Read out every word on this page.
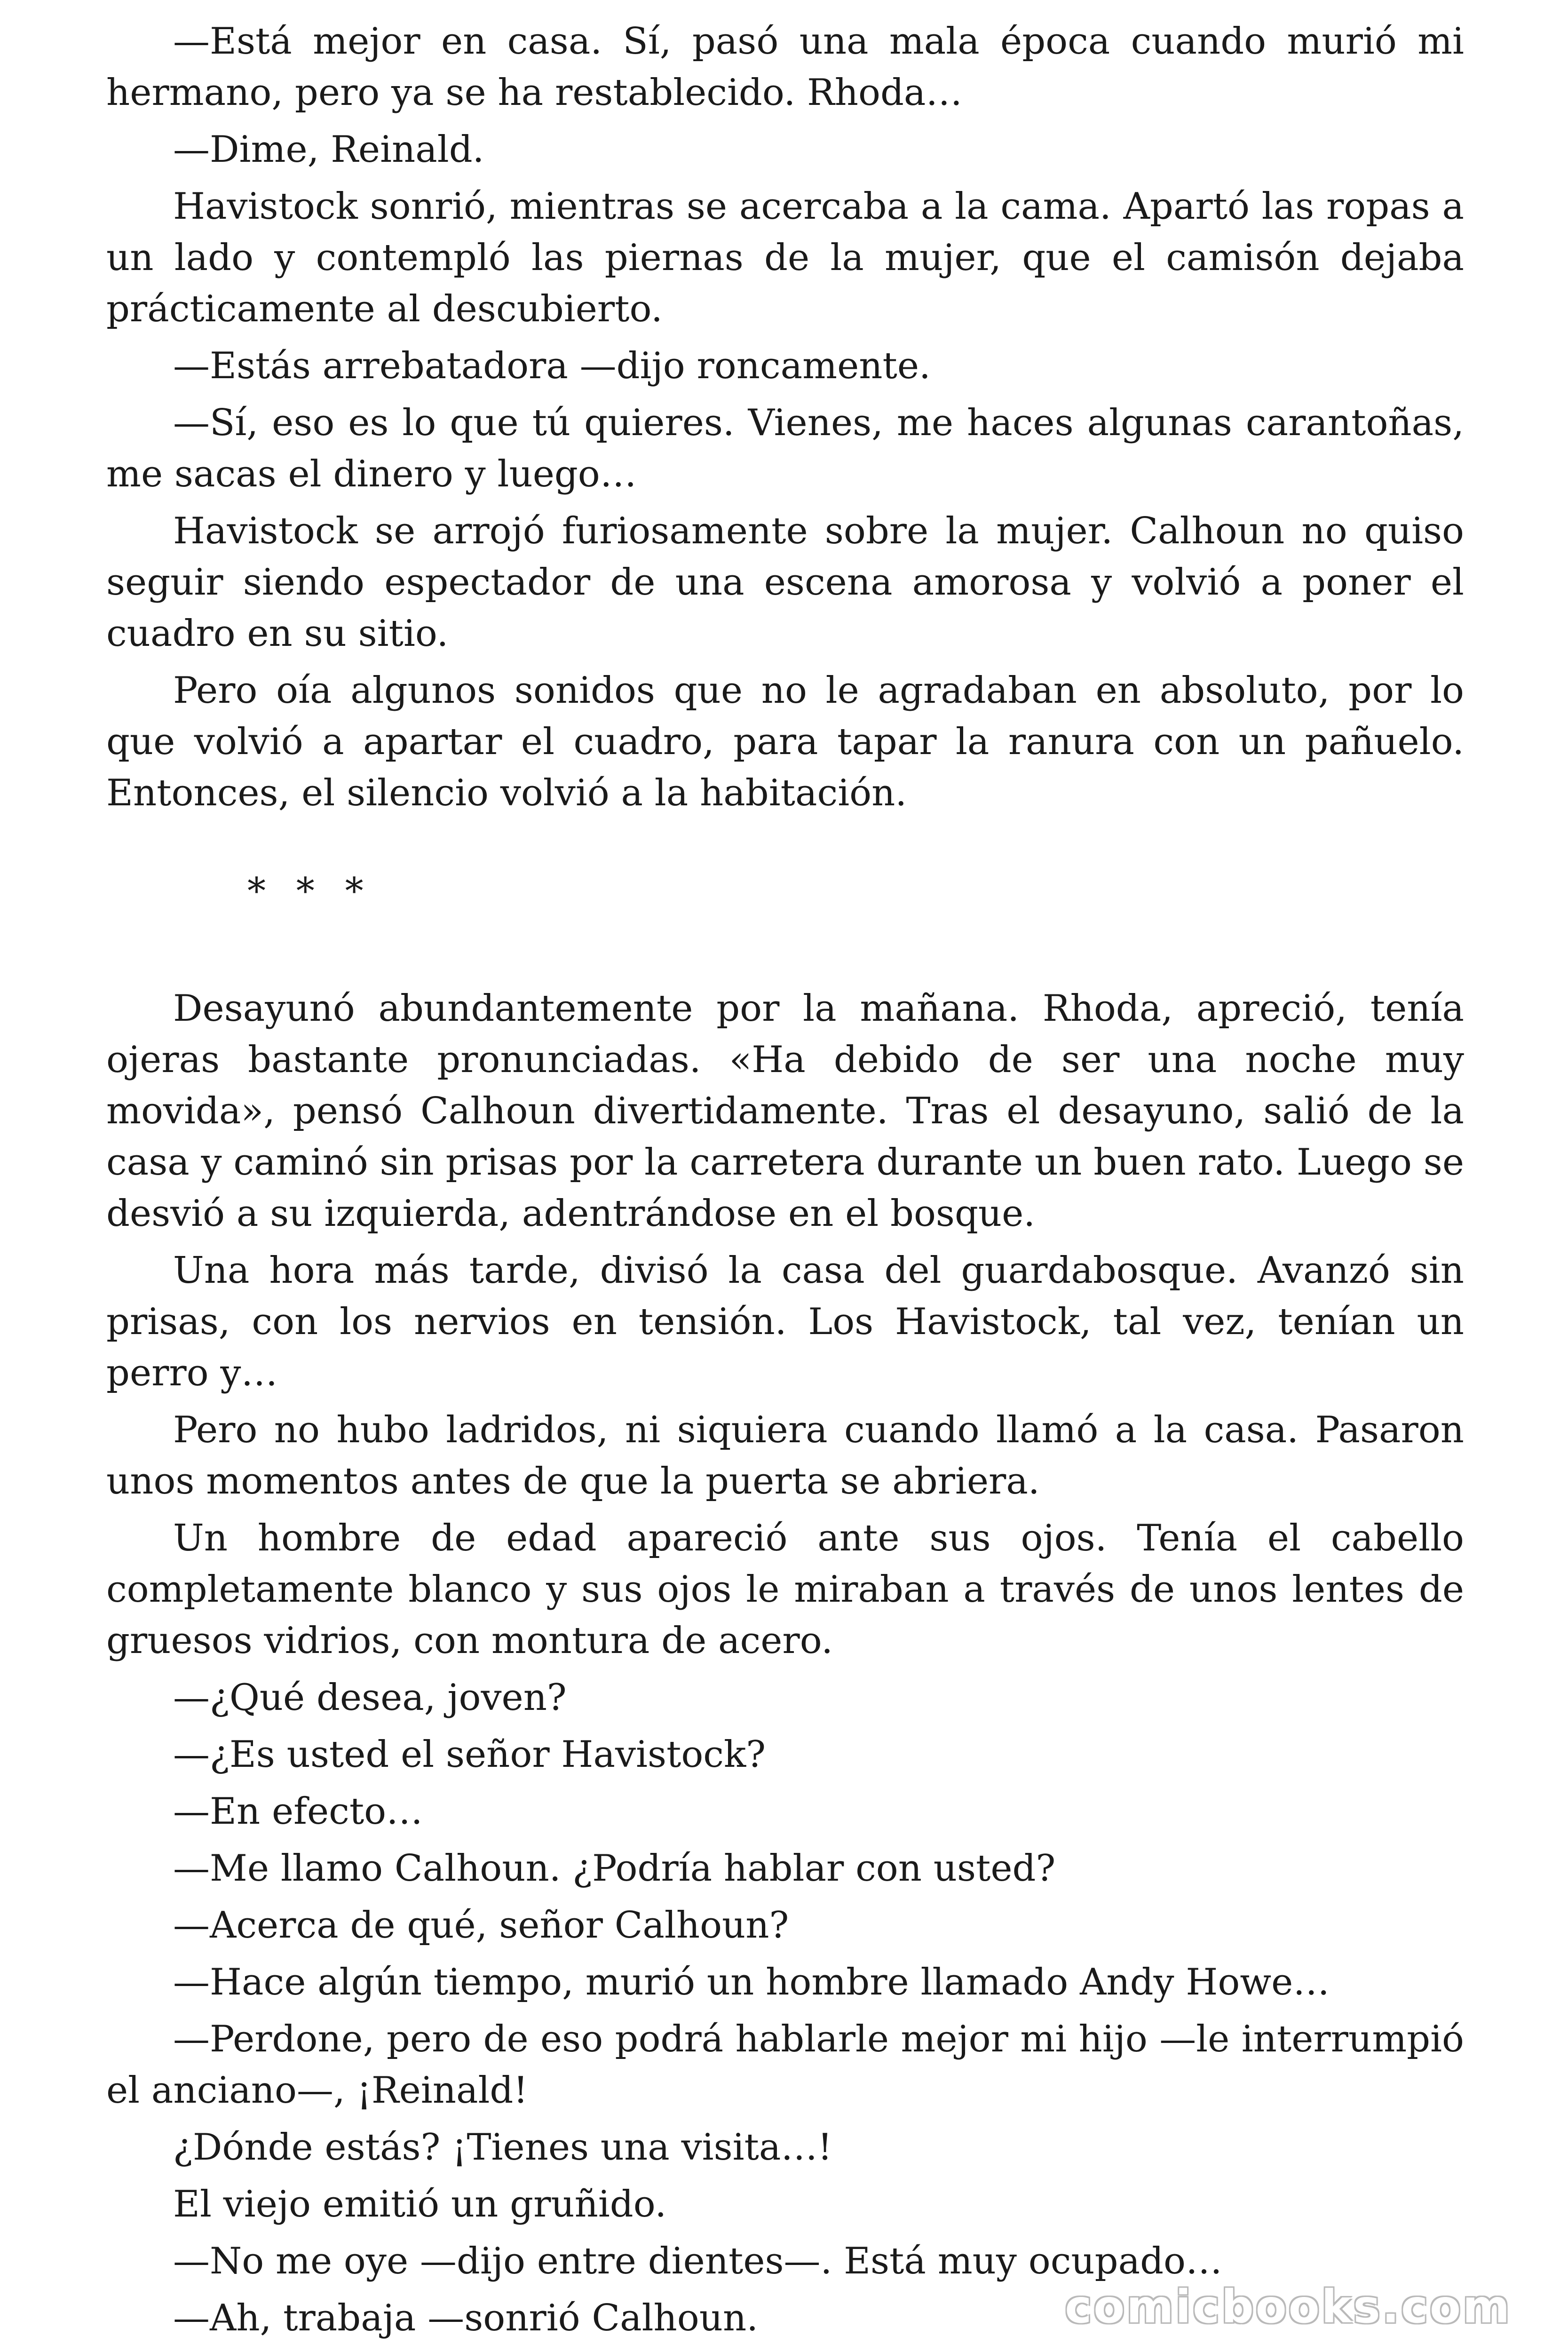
—Está mejor en casa. Sí, pasó una mala época cuando murió mi hermano, pero ya se ha restablecido. Rhoda…

—Dime, Reinald.

Havistock sonrió, mientras se acercaba a la cama. Apartó las ropas a un lado y contempló las piernas de la mujer, que el camisón dejaba prácticamente al descubierto.

—Estás arrebatadora —dijo roncamente.

—Sí, eso es lo que tú quieres. Vienes, me haces algunas carantoñas, me sacas el dinero y luego…

Havistock se arrojó furiosamente sobre la mujer. Calhoun no quiso seguir siendo espectador de una escena amorosa y volvió a poner el cuadro en su sitio.

Pero oía algunos sonidos que no le agradaban en absoluto, por lo que volvió a apartar el cuadro, para tapar la ranura con un pañuelo. Entonces, el silencio volvió a la habitación.

* * *

Desayunó abundantemente por la mañana. Rhoda, apreció, tenía ojeras bastante pronunciadas. «Ha debido de ser una noche muy movida», pensó Calhoun divertidamente. Tras el desayuno, salió de la casa y caminó sin prisas por la carretera durante un buen rato. Luego se desvió a su izquierda, adentrándose en el bosque.

Una hora más tarde, divisó la casa del guardabosque. Avanzó sin prisas, con los nervios en tensión. Los Havistock, tal vez, tenían un perro y…

Pero no hubo ladridos, ni siquiera cuando llamó a la casa. Pasaron unos momentos antes de que la puerta se abriera.

Un hombre de edad apareció ante sus ojos. Tenía el cabello completamente blanco y sus ojos le miraban a través de unos lentes de gruesos vidrios, con montura de acero.

—¿Qué desea, joven?

—¿Es usted el señor Havistock?

—En efecto…

—Me llamo Calhoun. ¿Podría hablar con usted?

—Acerca de qué, señor Calhoun?

—Hace algún tiempo, murió un hombre llamado Andy Howe…

—Perdone, pero de eso podrá hablarle mejor mi hijo —le interrumpió el anciano—, ¡Reinald!

¿Dónde estás? ¡Tienes una visita…!

El viejo emitió un gruñido.

—No me oye —dijo entre dientes—. Está muy ocupado…

—Ah, trabaja —sonrió Calhoun.	comicbooks.com
